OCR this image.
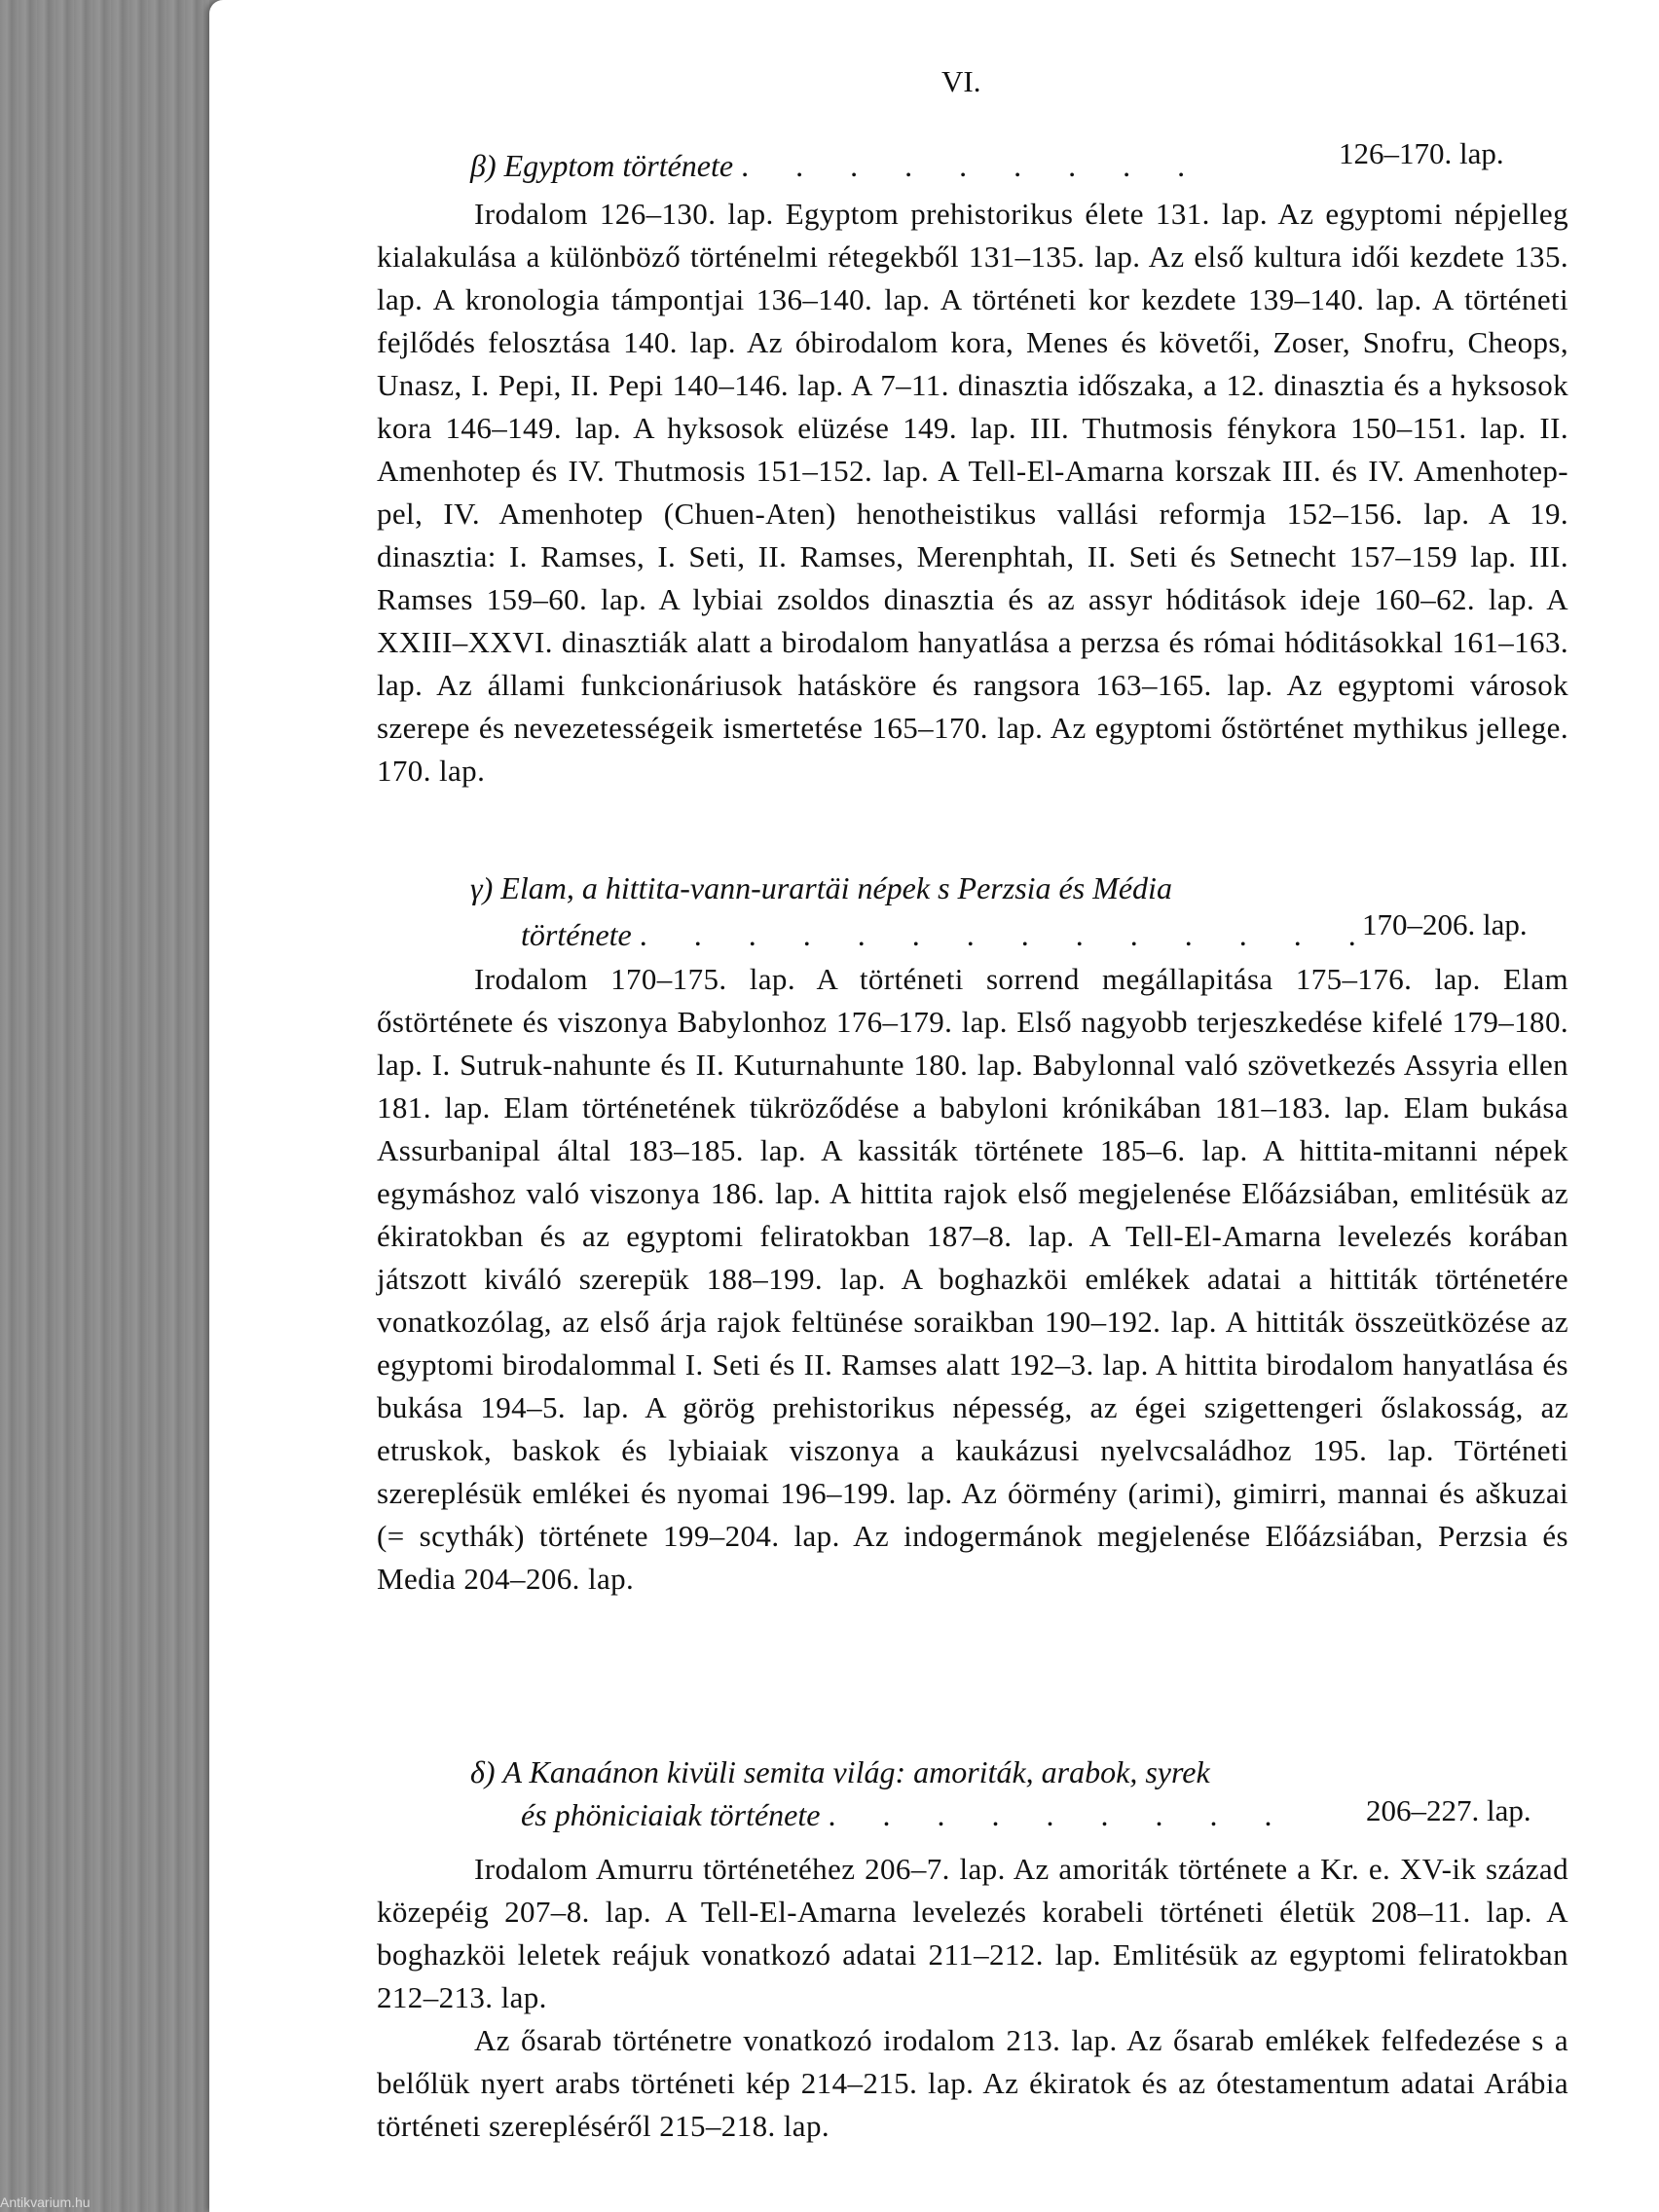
VI.
β) Egyptom története . . . . . . . . .	126–170. lap.
Irodalom 126–130. lap. Egyptom prehistorikus élete 131. lap. Az egyptomi népjelleg kialakulása a különböző történelmi rétegekből 131–135. lap. Az első kultura idői kezdete 135. lap. A kronologia támpontjai 136–140. lap. A történeti kor kezdete 139–140. lap. A történeti fejlődés felosztása 140. lap. Az óbirodalom kora, Menes és követői, Zoser, Snofru, Cheops, Unasz, I. Pepi, II. Pepi 140–146. lap. A 7–11. dinasztia időszaka, a 12. dinasztia és a hyksosok kora 146–149. lap. A hyksosok elüzése 149. lap. III. Thutmosis fénykora 150–151. lap. II. Amenhotep és IV. Thutmosis 151–152. lap. A Tell-El-Amarna korszak III. és IV. Amenhotep-pel, IV. Amenhotep (Chuen-Aten) henotheistikus vallási reformja 152–156. lap. A 19. dinasztia: I. Ramses, I. Seti, II. Ramses, Merenphtah, II. Seti és Setnecht 157–159 lap. III. Ramses 159–60. lap. A lybiai zsoldos dinasztia és az assyr hóditások ideje 160–62. lap. A XXIII–XXVI. dinasztiák alatt a birodalom hanyatlása a perzsa és római hóditásokkal 161–163. lap. Az állami funkcionáriusok hatásköre és rangsora 163–165. lap. Az egyptomi városok szerepe és nevezetességeik ismertetése 165–170. lap. Az egyptomi őstörténet mythikus jellege. 170. lap.
γ) Elam, a hittita-vann-urartäi népek s Perzsia és Média
története . . . . . . . . . . . . . .
170–206. lap.
Irodalom 170–175. lap. A történeti sorrend megállapitása 175–176. lap. Elam őstörténete és viszonya Babylonhoz 176–179. lap. Első nagyobb terjeszkedése kifelé 179–180. lap. I. Sutruk-nahunte és II. Kuturnahunte 180. lap. Babylonnal való szövetkezés Assyria ellen 181. lap. Elam történetének tükröződése a babyloni krónikában 181–183. lap. Elam bukása Assurbanipal által 183–185. lap. A kassiták története 185–6. lap. A hittita-mitanni népek egymáshoz való viszonya 186. lap. A hittita rajok első megjelenése Előázsiában, emlitésük az ékiratokban és az egyptomi feliratokban 187–8. lap. A Tell-El-Amarna levelezés korában játszott kiváló szerepük 188–199. lap. A boghazköi emlékek adatai a hittiták történetére vonatkozólag, az első árja rajok feltünése soraikban 190–192. lap. A hittiták összeütközése az egyptomi birodalommal I. Seti és II. Ramses alatt 192–3. lap. A hittita birodalom hanyatlása és bukása 194–5. lap. A görög prehistorikus népesség, az égei szigettengeri őslakosság, az etruskok, baskok és lybiaiak viszonya a kaukázusi nyelvcsaládhoz 195. lap. Történeti szereplésük emlékei és nyomai 196–199. lap. Az óörmény (arimi), gimirri, mannai és aškuzai (= scythák) története 199–204. lap. Az indogermánok megjelenése Előázsiában, Perzsia és Media 204–206. lap.
δ) A Kanaánon kivüli semita világ: amoriták, arabok, syrek
és phöniciaiak története . . . . . . . . . 206–227. lap.
Irodalom Amurru történetéhez 206–7. lap. Az amoriták története a Kr. e. XV-ik század közepéig 207–8. lap. A Tell-El-Amarna levelezés korabeli történeti életük 208–11. lap. A boghazköi leletek reájuk vonatkozó adatai 211–212. lap. Emlitésük az egyptomi feliratokban 212–213. lap.
Az ősarab történetre vonatkozó irodalom 213. lap. Az ősarab emlékek felfedezése s a belőlük nyert arabs történeti kép 214–215. lap. Az ékiratok és az ótestamentum adatai Arábia történeti szerepléséről 215–218. lap.
Antikvarium.hu
